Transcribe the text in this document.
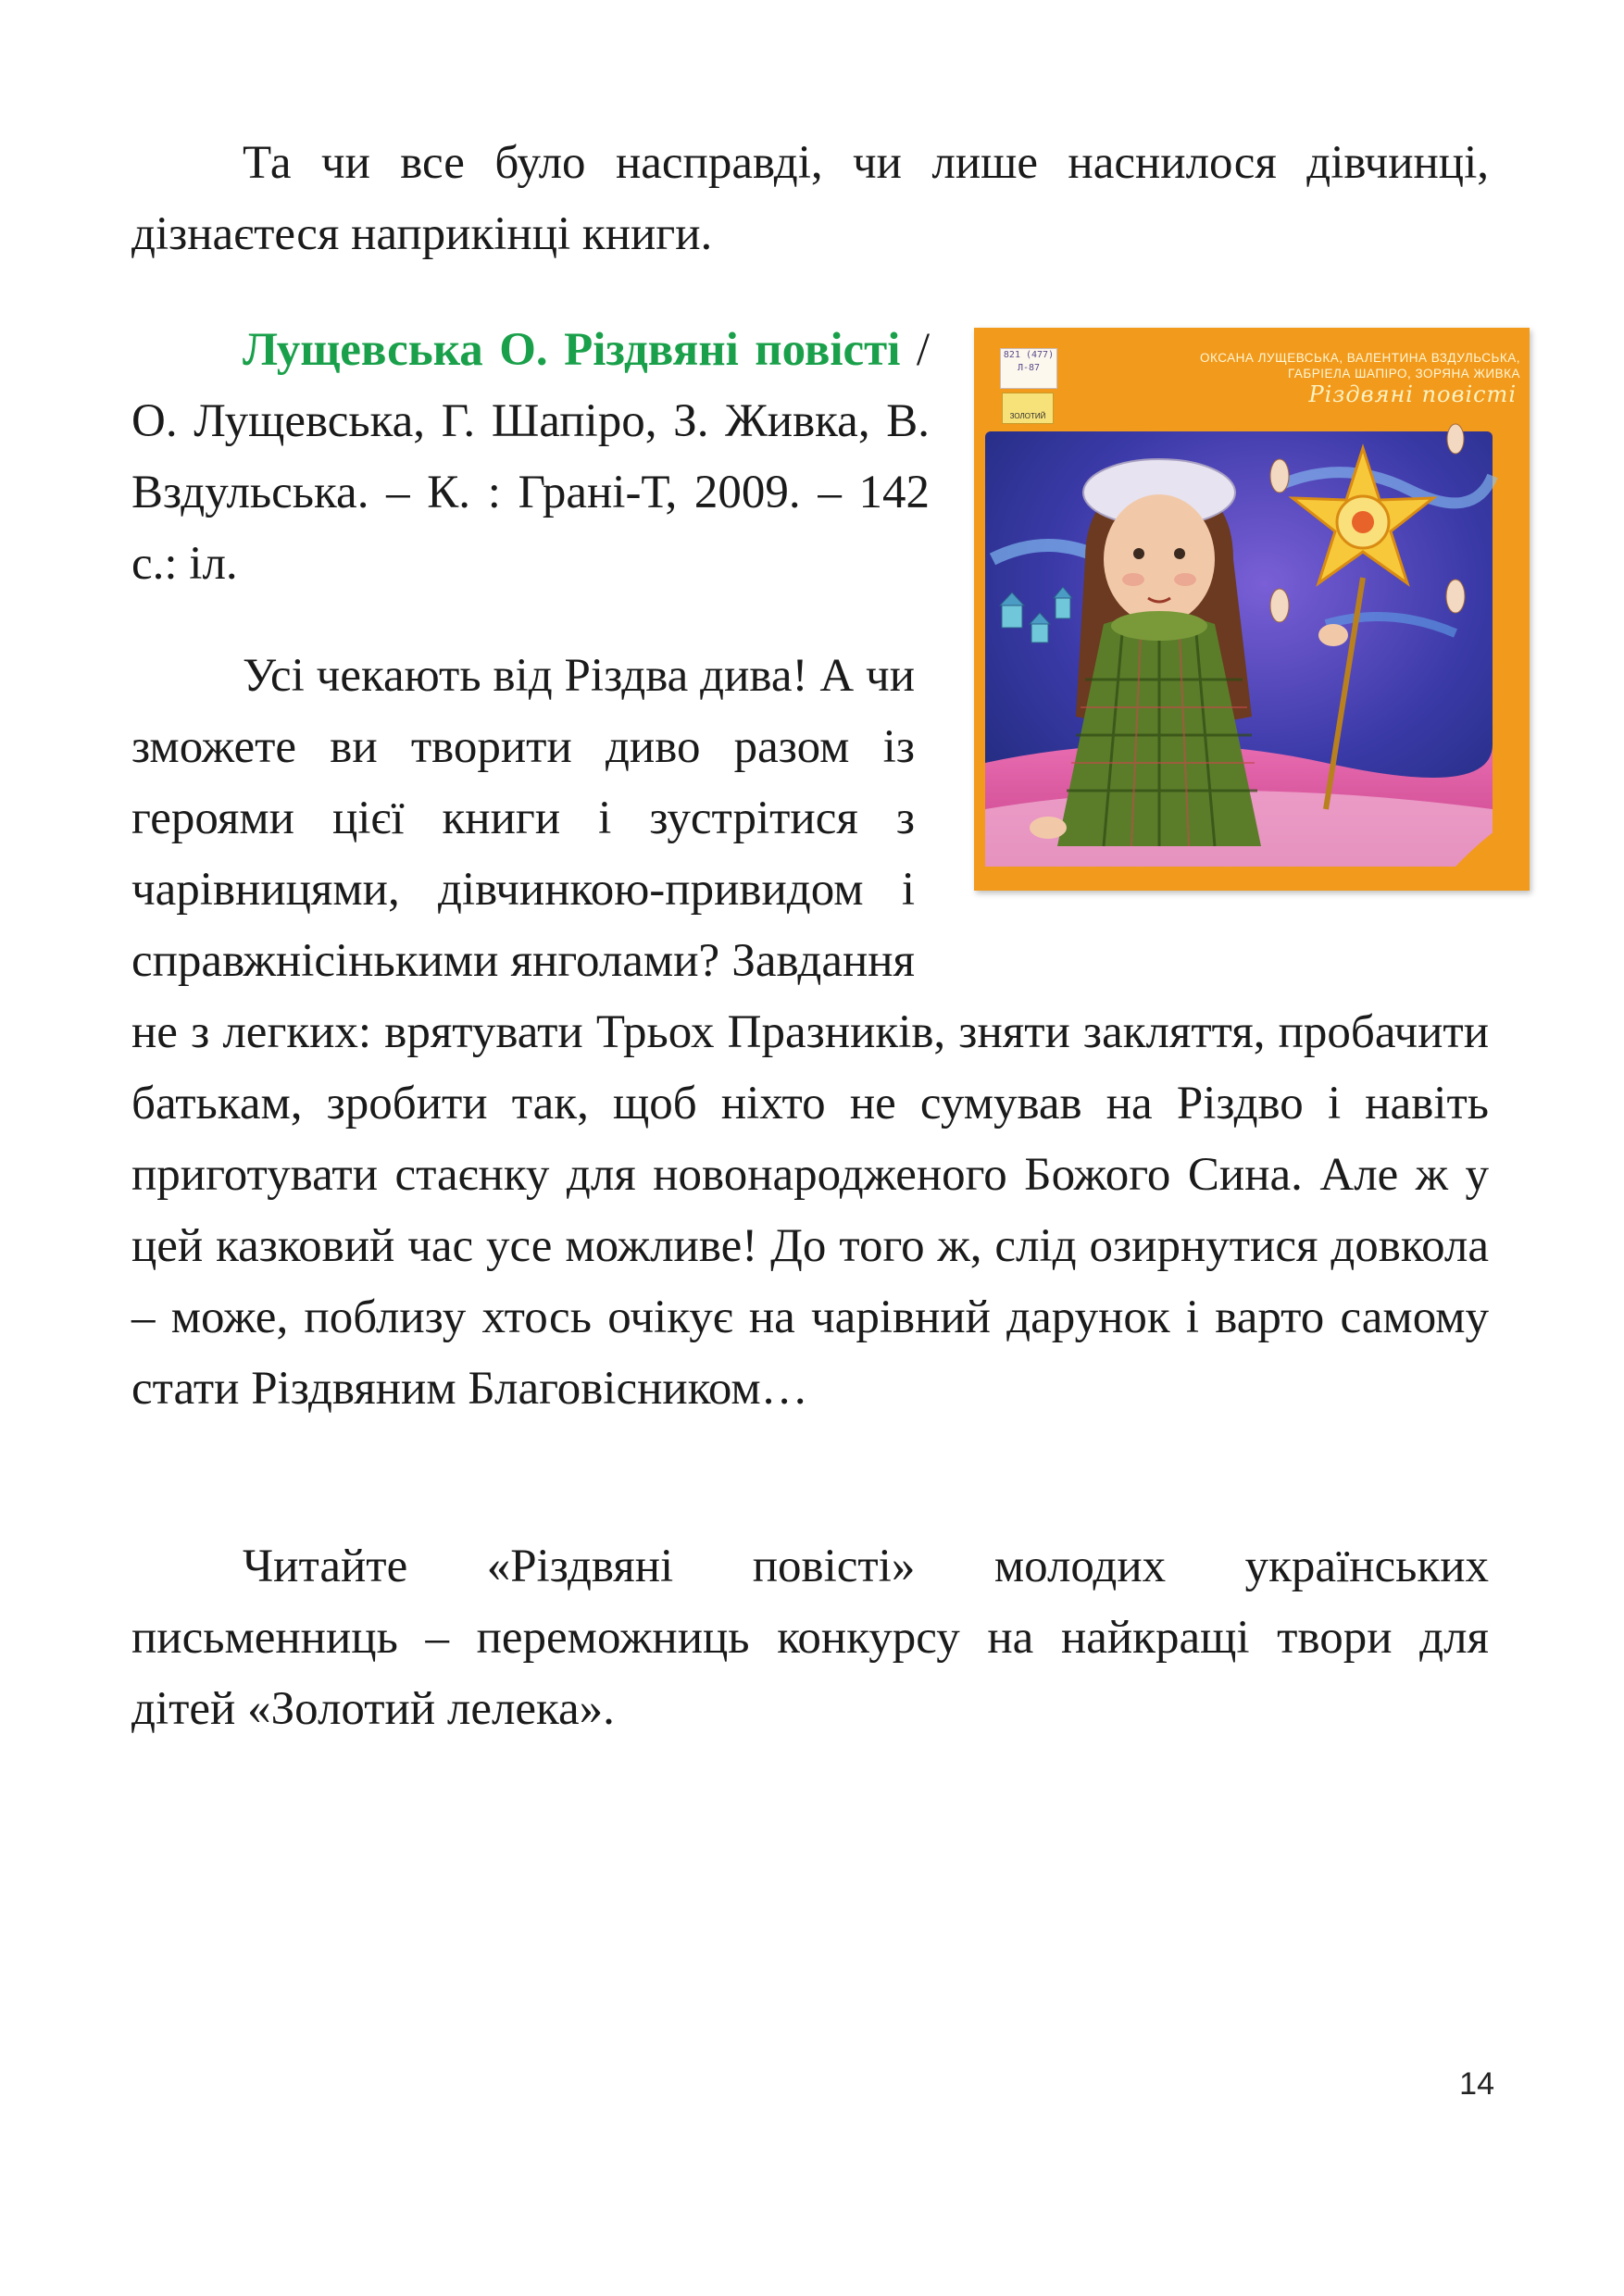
Та чи все було насправді, чи лише наснилося дівчинці, дізнаєтеся наприкінці книги.

Лущевська О. Різдвяні повісті / О. Лущевська, Г. Шапіро, З. Живка, В. Вздульська. – К. : Грані-Т, 2009. – 142 с.: іл.

Усі чекають від Різдва дива! А чи зможете ви творити диво разом із героями цієї книги і зустрітися з чарівницями, дівчинкою-привидом і справжнісінькими янголами? Завдання не з легких: врятувати Трьох Празників, зняти закляття, пробачити батькам, зробити так, щоб ніхто не сумував на Різдво і навіть приготувати стаєнку для новонародженого Божого Сина. Але ж у цей казковий час усе можливе! До того ж, слід озирнутися довкола – може, поблизу хтось очікує на чарівний дарунок і варто самому стати Різдвяним Благовісником…

821 (477)
Л-87
ЗОЛОТИЙ
ОКСАНА ЛУЩЕВСЬКА, ВАЛЕНТИНА ВЗДУЛЬСЬКА, ГАБРІЕЛА ШАПІРО, ЗОРЯНА ЖИВКА
Різдвяні повісті

Читайте «Різдвяні повісті» молодих українських письменниць – переможниць конкурсу на найкращі твори для дітей «Золотий лелека».

14
